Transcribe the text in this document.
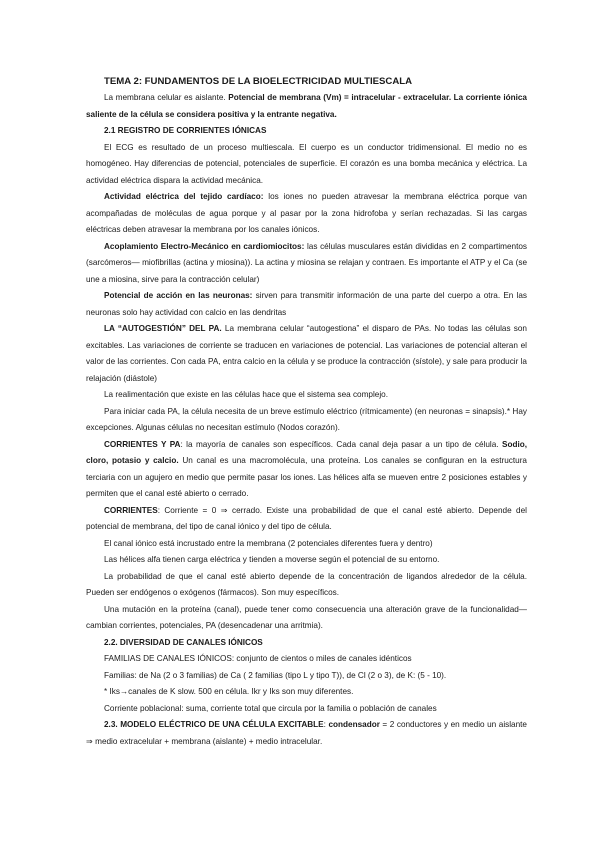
TEMA 2: FUNDAMENTOS DE LA BIOELECTRICIDAD MULTIESCALA

La membrana celular es aislante. Potencial de membrana (Vm) = intracelular - extracelular. La corriente iónica saliente de la célula se considera positiva y la entrante negativa.

2.1 REGISTRO DE CORRIENTES IÓNICAS

El ECG es resultado de un proceso multiescala. El cuerpo es un conductor tridimensional. El medio no es homogéneo. Hay diferencias de potencial, potenciales de superficie. El corazón es una bomba mecánica y eléctrica. La actividad eléctrica dispara la actividad mecánica.

Actividad eléctrica del tejido cardíaco: los iones no pueden atravesar la membrana eléctrica porque van acompañadas de moléculas de agua porque y al pasar por la zona hidrofoba y serían rechazadas. Si las cargas eléctricas deben atravesar la membrana por los canales iónicos.

Acoplamiento Electro-Mecánico en cardiomiocitos: las células musculares están divididas en 2 compartimentos (sarcómeros— miofibrillas (actina y miosina)). La actina y miosina se relajan y contraen. Es importante el ATP y el Ca (se une a miosina, sirve para la contracción celular)

Potencial de acción en las neuronas: sirven para transmitir información de una parte del cuerpo a otra. En las neuronas solo hay actividad con calcio en las dendritas

LA “AUTOGESTIÓN” DEL PA. La membrana celular “autogestiona” el disparo de PAs. No todas las células son excitables. Las variaciones de corriente se traducen en variaciones de potencial. Las variaciones de potencial alteran el valor de las corrientes. Con cada PA, entra calcio en la célula y se produce la contracción (sístole), y sale para producir la relajación (diástole)

La realimentación que existe en las células hace que el sistema sea complejo.

Para iniciar cada PA, la célula necesita de un breve estímulo eléctrico (rítmicamente) (en neuronas = sinapsis).* Hay excepciones. Algunas células no necesitan estímulo (Nodos corazón).

CORRIENTES Y PA: la mayoría de canales son específicos. Cada canal deja pasar a un tipo de célula. Sodio, cloro, potasio y calcio. Un canal es una macromolécula, una proteína. Los canales se configuran en la estructura terciaria con un agujero en medio que permite pasar los iones. Las hélices alfa se mueven entre 2 posiciones estables y permiten que el canal esté abierto o cerrado.

CORRIENTES: Corriente = 0 ⇒ cerrado. Existe una probabilidad de que el canal esté abierto. Depende del potencial de membrana, del tipo de canal iónico y del tipo de célula.

El canal iónico está incrustado entre la membrana (2 potenciales diferentes fuera y dentro)

Las hélices alfa tienen carga eléctrica y tienden a moverse según el potencial de su entorno.

La probabilidad de que el canal esté abierto depende de la concentración de ligandos alrededor de la célula. Pueden ser endógenos o exógenos (fármacos). Son muy específicos.

Una mutación en la proteína (canal), puede tener como consecuencia una alteración grave de la funcionalidad— cambian corrientes, potenciales, PA (desencadenar una arritmia).

2.2. DIVERSIDAD DE CANALES IÓNICOS

FAMILIAS DE CANALES IÓNICOS: conjunto de cientos o miles de canales idénticos

Familias: de Na (2 o 3 familias) de Ca ( 2 familias (tipo L y tipo T)), de Cl (2 o 3), de K: (5 - 10).

* Iks→canales de K slow. 500 en célula. Ikr y Iks son muy diferentes.

Corriente poblacional: suma, corriente total que circula por la familia o población de canales

2.3. MODELO ELÉCTRICO DE UNA CÉLULA EXCITABLE: condensador = 2 conductores y en medio un aislante ⇒ medio extracelular + membrana (aislante) + medio intracelular.
